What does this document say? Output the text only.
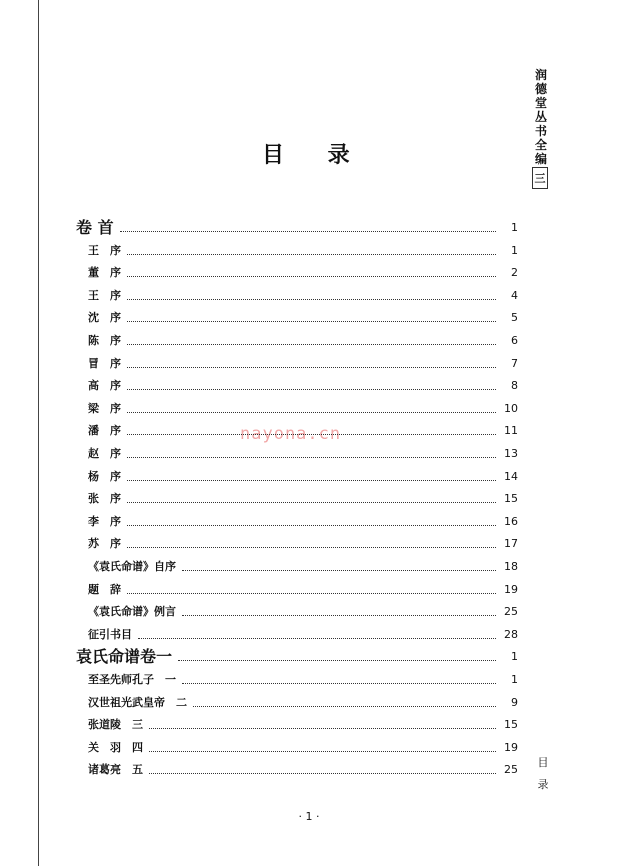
润
德
堂
丛
书
全
编
三
目 录
nayona.cn
卷 首	1
王　序	1
董　序	2
王　序	4
沈　序	5
陈　序	6
冒　序	7
高　序	8
梁　序	10
潘　序	11
赵　序	13
杨　序	14
张　序	15
李　序	16
苏　序	17
《袁氏命谱》自序	18
题　辞	19
《袁氏命谱》例言	25
征引书目	28
袁氏命谱卷一	1
至圣先师孔子　一	1
汉世祖光武皇帝　二	9
张道陵　三	15
关　羽　四	19
诸葛亮　五	25
目
录
· 1 ·
